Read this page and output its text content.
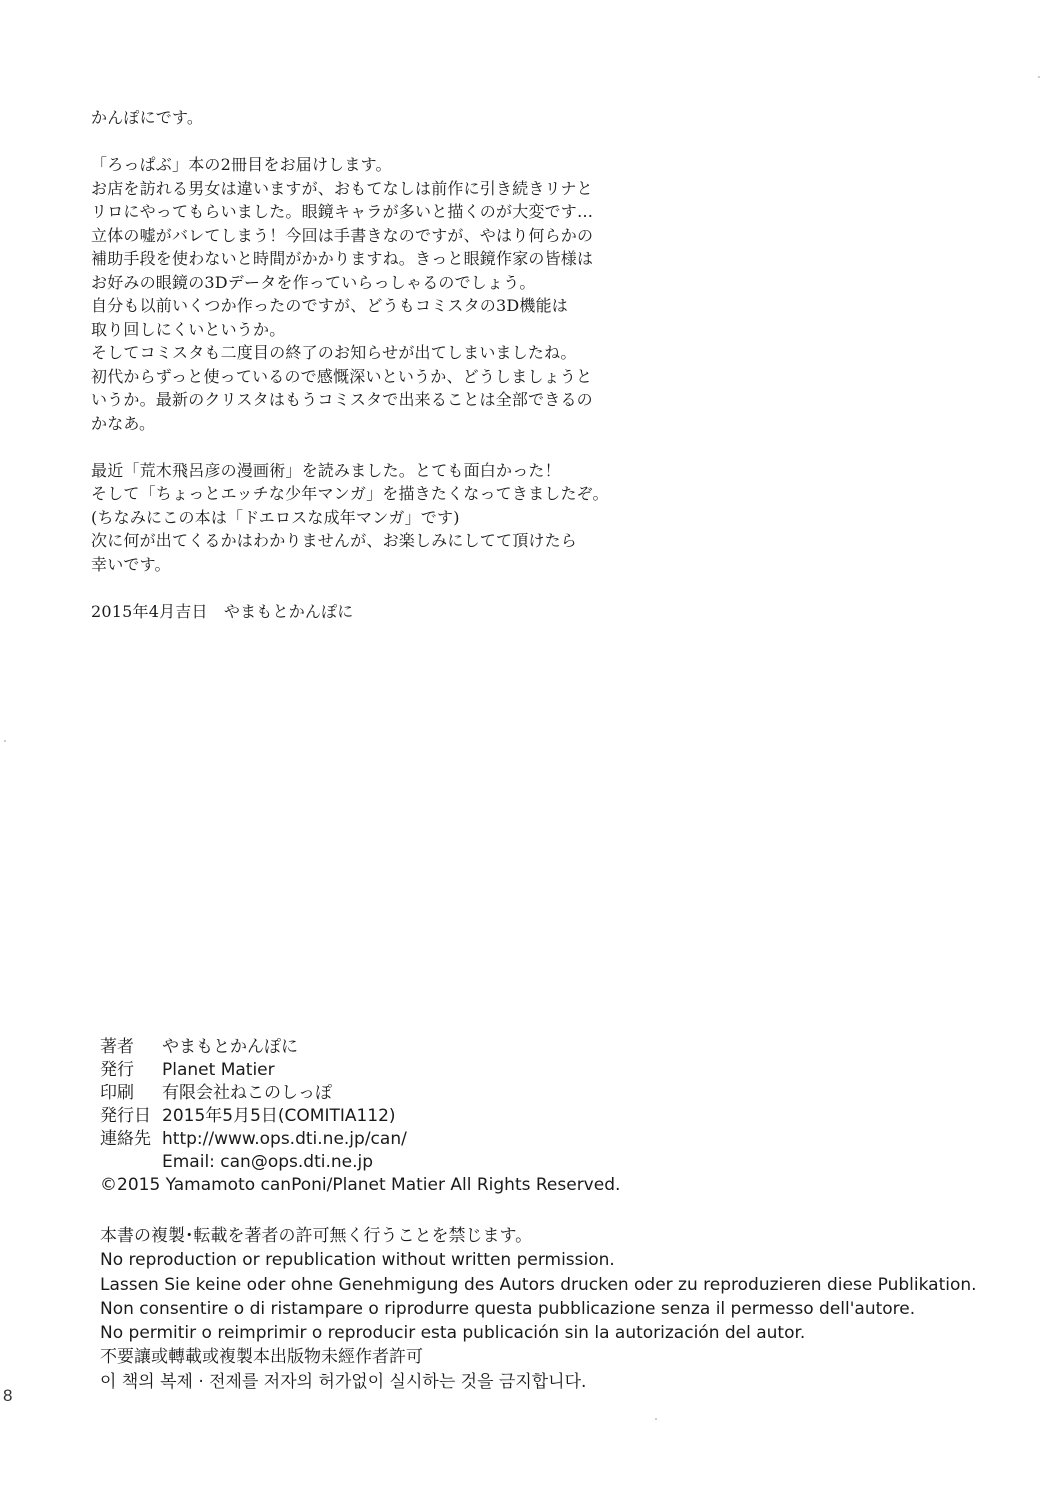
かんぽにです。

「ろっぱぶ」本の2冊目をお届けします。
お店を訪れる男女は違いますが、おもてなしは前作に引き続きリナと
リロにやってもらいました。眼鏡キャラが多いと描くのが大変です…
立体の嘘がバレてしまう！今回は手書きなのですが、やはり何らかの
補助手段を使わないと時間がかかりますね。きっと眼鏡作家の皆様は
お好みの眼鏡の3Dデータを作っていらっしゃるのでしょう。
自分も以前いくつか作ったのですが、どうもコミスタの3D機能は
取り回しにくいというか。
そしてコミスタも二度目の終了のお知らせが出てしまいましたね。
初代からずっと使っているので感慨深いというか、どうしましょうと
いうか。最新のクリスタはもうコミスタで出来ることは全部できるの
かなあ。

最近「荒木飛呂彦の漫画術」を読みました。とても面白かった！
そして「ちょっとエッチな少年マンガ」を描きたくなってきましたぞ。
(ちなみにこの本は「ドエロスな成年マンガ」です)
次に何が出てくるかはわかりませんが、お楽しみにしてて頂けたら
幸いです。

2015年4月吉日　やまもとかんぽに

著者	やまもとかんぽに
発行	Planet Matier
印刷	有限会社ねこのしっぽ
発行日 2015年5月5日(COMITIA112)
連絡先 http://www.ops.dti.ne.jp/can/
Email: can@ops.dti.ne.jp
©2015 Yamamoto canPoni/Planet Matier All Rights Reserved.
本書の複製･転載を著者の許可無く行うことを禁じます。
No reproduction or republication without written permission.
Lassen Sie keine oder ohne Genehmigung des Autors drucken oder zu reproduzieren diese Publikation.
Non consentire o di ristampare o riprodurre questa pubblicazione senza il permesso dell'autore.
No permitir o reimprimir o reproducir esta publicación sin la autorización del autor.
不要讓或轉載或複製本出版物未經作者許可
이 책의 복제 · 전제를 저자의 허가없이 실시하는 것을 금지합니다.
8
